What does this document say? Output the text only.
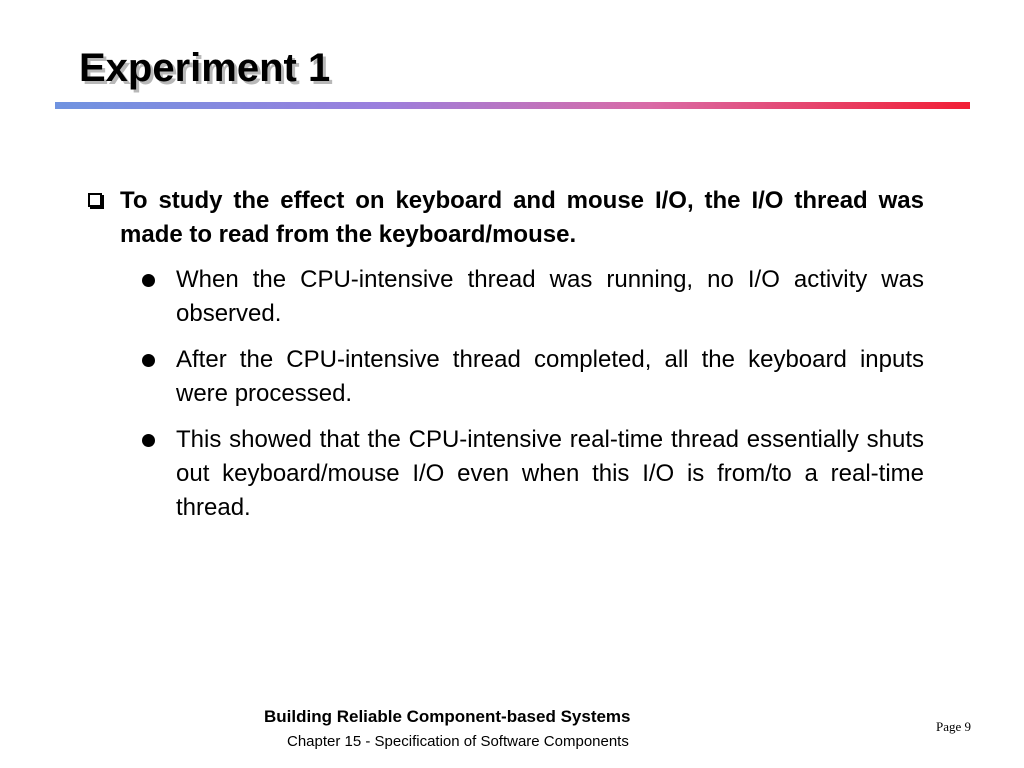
Experiment 1
To study the effect on keyboard and mouse I/O, the I/O thread was made to read from the keyboard/mouse.
When the CPU-intensive thread was running, no I/O activity was observed.
After the CPU-intensive thread completed, all the keyboard inputs were processed.
This showed that the CPU-intensive real-time thread essentially shuts out keyboard/mouse I/O even when this I/O is from/to a real-time thread.
Building Reliable Component-based Systems
Chapter 15 - Specification of Software Components
Page 9
